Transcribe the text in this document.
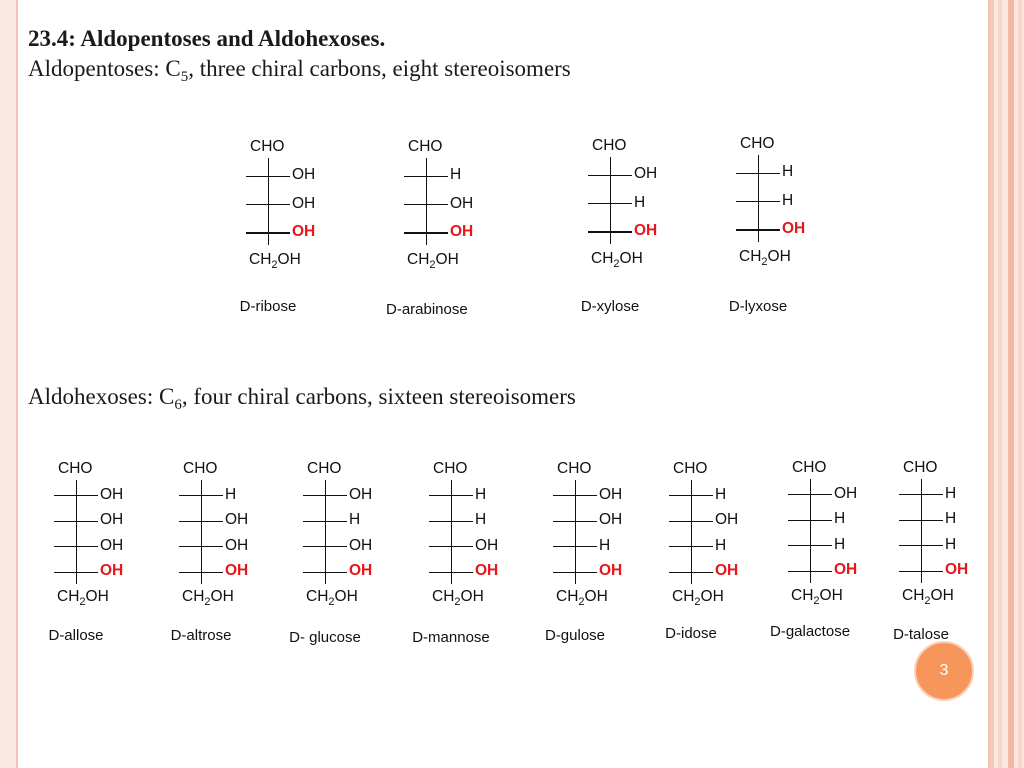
23.4: Aldopentoses and Aldohexoses.
Aldopentoses: $C_5$, three chiral carbons, eight stereoisomers
Aldohexoses: $C_6$, four chiral carbons, sixteen stereoisomers
CHO
OH
OH
OH
$CH_2OH$
D-ribose
CHO
H
OH
OH
$CH_2OH$
D-arabinose
CHO
OH
H
OH
$CH_2OH$
D-xylose
CHO
H
H
OH
$CH_2OH$
D-lyxose
CHO
OH
OH
OH
OH
$CH_2OH$
D-allose
CHO
H
OH
OH
OH
$CH_2OH$
D-altrose
CHO
OH
H
OH
OH
$CH_2OH$
D- glucose
CHO
H
H
OH
OH
$CH_2OH$
D-mannose
CHO
OH
OH
H
OH
$CH_2OH$
D-gulose
CHO
H
OH
H
OH
$CH_2OH$
D-idose
CHO
OH
H
H
OH
$CH_2OH$
D-galactose
CHO
H
H
H
OH
$CH_2OH$
D-talose
3
